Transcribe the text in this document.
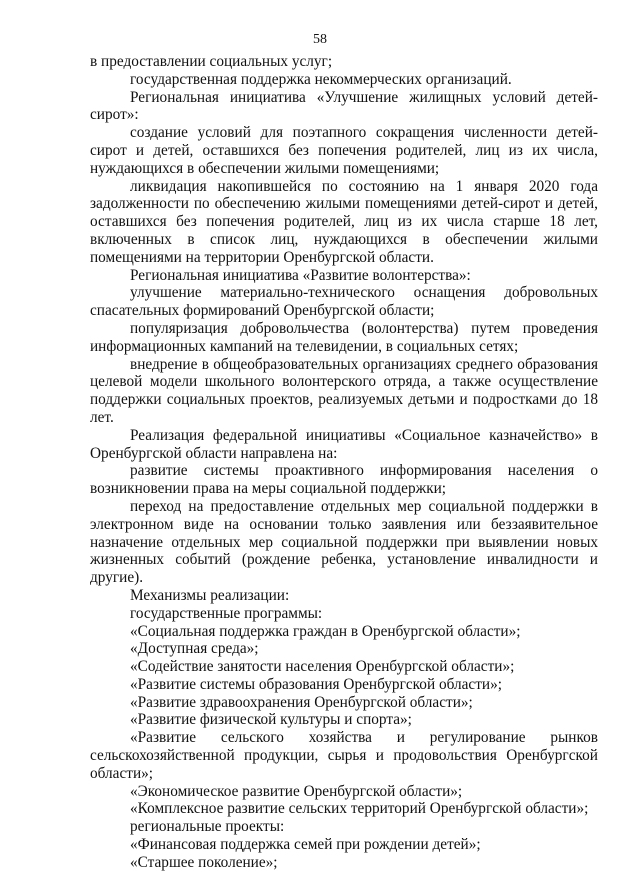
58

в предоставлении социальных услуг;

государственная поддержка некоммерческих организаций.

Региональная инициатива «Улучшение жилищных условий детей-сирот»:

создание условий для поэтапного сокращения численности детей-сирот и детей, оставшихся без попечения родителей, лиц из их числа, нуждающихся в обеспечении жилыми помещениями;

ликвидация накопившейся по состоянию на 1 января 2020 года задолженности по обеспечению жилыми помещениями детей-сирот и детей, оставшихся без попечения родителей, лиц из их числа старше 18 лет, включенных в список лиц, нуждающихся в обеспечении жилыми помещениями на территории Оренбургской области.

Региональная инициатива «Развитие волонтерства»:

улучшение материально-технического оснащения добровольных спасательных формирований Оренбургской области;

популяризация добровольчества (волонтерства) путем проведения информационных кампаний на телевидении, в социальных сетях;

внедрение в общеобразовательных организациях среднего образования целевой модели школьного волонтерского отряда, а также осуществление поддержки социальных проектов, реализуемых детьми и подростками до 18 лет.

Реализация федеральной инициативы «Социальное казначейство» в Оренбургской области направлена на:

развитие системы проактивного информирования населения о возникновении права на меры социальной поддержки;

переход на предоставление отдельных мер социальной поддержки в электронном виде на основании только заявления или беззаявительное назначение отдельных мер социальной поддержки при выявлении новых жизненных событий (рождение ребенка, установление инвалидности и другие).

Механизмы реализации:

государственные программы:

«Социальная поддержка граждан в Оренбургской области»;

«Доступная среда»;

«Содействие занятости населения Оренбургской области»;

«Развитие системы образования Оренбургской области»;

«Развитие здравоохранения Оренбургской области»;

«Развитие физической культуры и спорта»;

«Развитие сельского хозяйства и регулирование рынков сельскохозяйственной продукции, сырья и продовольствия Оренбургской области»;

«Экономическое развитие Оренбургской области»;

«Комплексное развитие сельских территорий Оренбургской области»;

региональные проекты:

«Финансовая поддержка семей при рождении детей»;

«Старшее поколение»;
